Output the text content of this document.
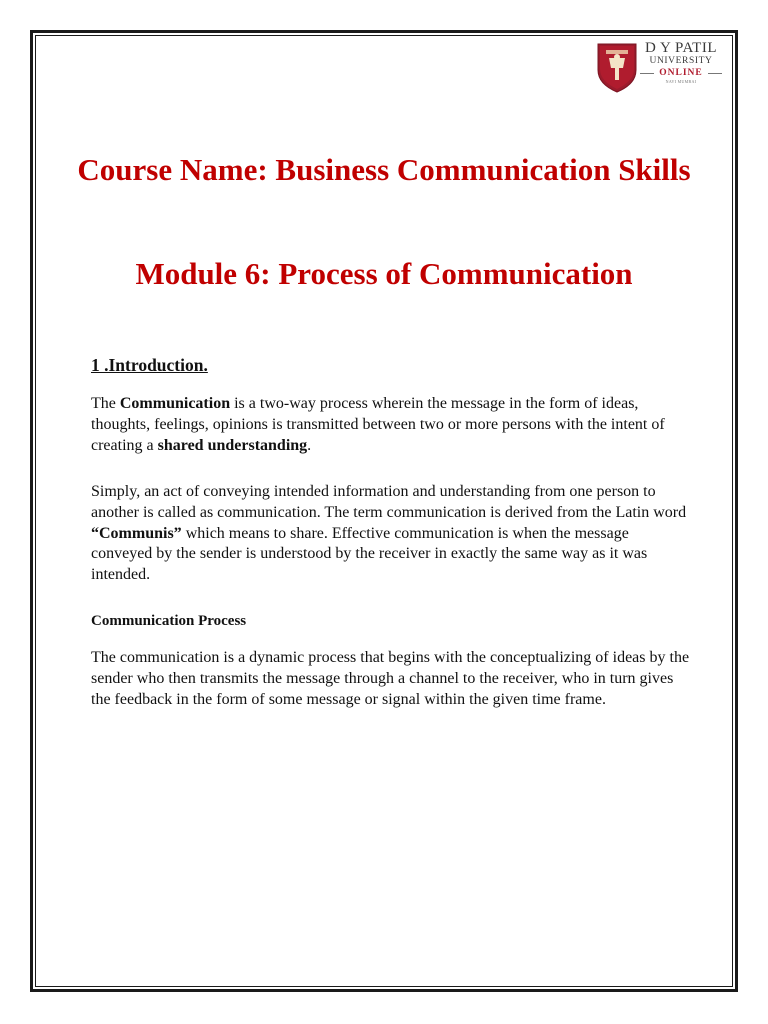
D Y PATIL
UNIVERSITY
ONLINE
NAVI MUMBAI
Course Name: Business Communication Skills
Module 6: Process of Communication
1 .Introduction.
The Communication is a two-way process wherein the message in the form of ideas, thoughts, feelings, opinions is transmitted between two or more persons with the intent of creating a shared understanding.
Simply, an act of conveying intended information and understanding from one person to another is called as communication. The term communication is derived from the Latin word “Communis” which means to share. Effective communication is when the message conveyed by the sender is understood by the receiver in exactly the same way as it was intended.
Communication Process
The communication is a dynamic process that begins with the conceptualizing of ideas by the sender who then transmits the message through a channel to the receiver, who in turn gives the feedback in the form of some message or signal within the given time frame.
